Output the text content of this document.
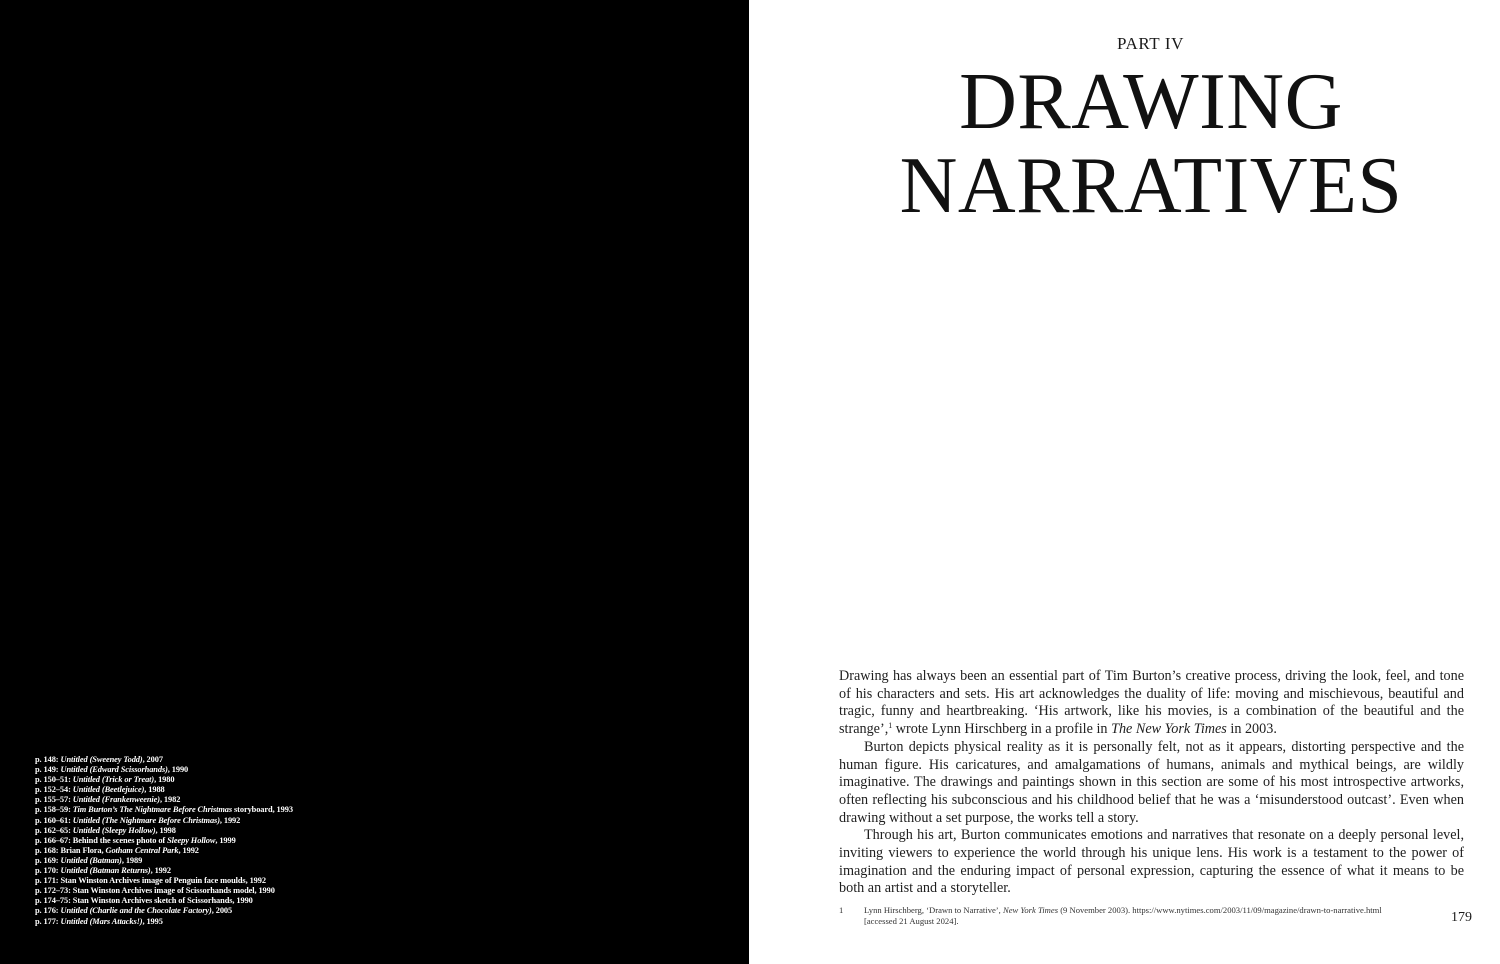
p. 148: Untitled (Sweeney Todd), 2007
p. 149: Untitled (Edward Scissorhands), 1990
p. 150–51: Untitled (Trick or Treat), 1980
p. 152–54: Untitled (Beetlejuice), 1988
p. 155–57: Untitled (Frankenweenie), 1982
p. 158–59: Tim Burton’s The Nightmare Before Christmas storyboard, 1993
p. 160–61: Untitled (The Nightmare Before Christmas), 1992
p. 162–65: Untitled (Sleepy Hollow), 1998
p. 166–67: Behind the scenes photo of Sleepy Hollow, 1999
p. 168: Brian Flora, Gotham Central Park, 1992
p. 169: Untitled (Batman), 1989
p. 170: Untitled (Batman Returns), 1992
p. 171: Stan Winston Archives image of Penguin face moulds, 1992
p. 172–73: Stan Winston Archives image of Scissorhands model, 1990
p. 174–75: Stan Winston Archives sketch of Scissorhands, 1990
p. 176: Untitled (Charlie and the Chocolate Factory), 2005
p. 177: Untitled (Mars Attacks!), 1995
PART IV
DRAWING
NARRATIVES

Drawing has always been an essential part of Tim Burton’s creative process, driving the look, feel, and tone of his characters and sets. His art acknowledges the duality of life: moving and mischievous, beautiful and tragic, funny and heartbreaking. ‘His artwork, like his movies, is a combination of the beautiful and the strange’,$^1$ wrote Lynn Hirschberg in a profile in The New York Times in 2003.

Burton depicts physical reality as it is personally felt, not as it appears, distorting perspective and the human figure. His caricatures, and amalgamations of humans, animals and mythical beings, are wildly imaginative. The drawings and paintings shown in this section are some of his most introspective artworks, often reflecting his subconscious and his childhood belief that he was a ‘misunderstood outcast’. Even when drawing without a set purpose, the works tell a story.

Through his art, Burton communicates emotions and narratives that resonate on a deeply personal level, inviting viewers to experience the world through his unique lens. His work is a testament to the power of imagination and the enduring impact of personal expression, capturing the essence of what it means to be both an artist and a storyteller.

1 Lynn Hirschberg, ‘Drawn to Narrative’, New York Times (9 November 2003). https://www.nytimes.com/2003/11/09/magazine/drawn-to-narrative.html [accessed 21 August 2024].	179
